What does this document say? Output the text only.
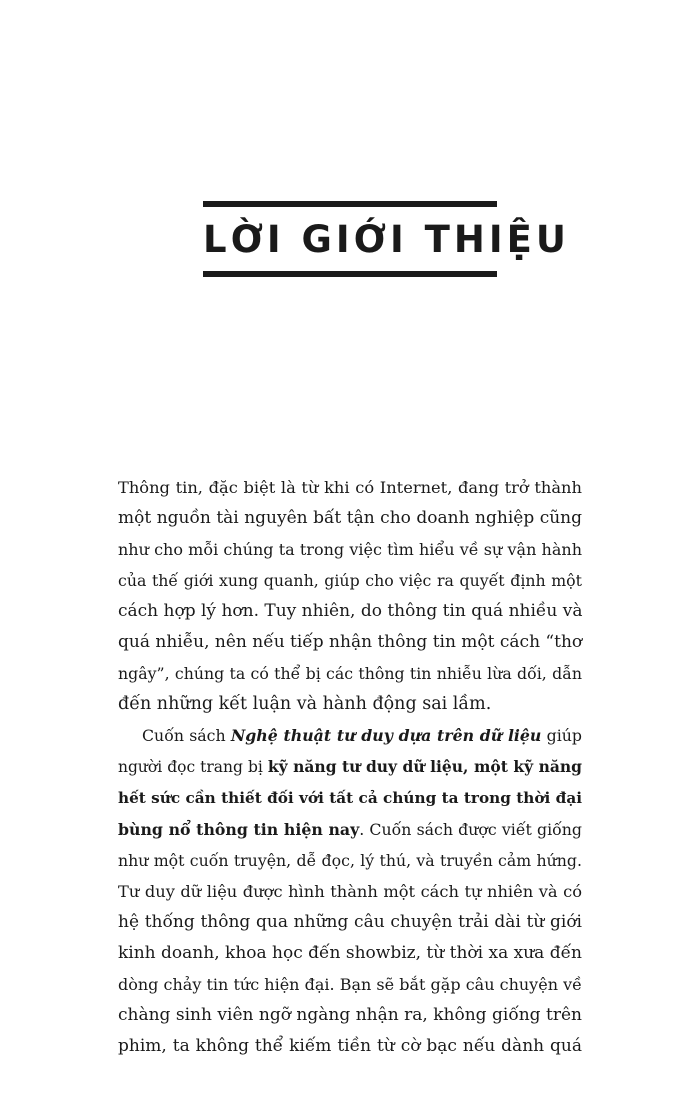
LỜI GIỚI THIỆU

Thông tin, đặc biệt là từ khi có Internet, đang trở thành
một nguồn tài nguyên bất tận cho doanh nghiệp cũng
như cho mỗi chúng ta trong việc tìm hiểu về sự vận hành
của thế giới xung quanh, giúp cho việc ra quyết định một
cách hợp lý hơn. Tuy nhiên, do thông tin quá nhiều và
quá nhiễu, nên nếu tiếp nhận thông tin một cách “thơ
ngây”, chúng ta có thể bị các thông tin nhiễu lừa dối, dẫn
đến những kết luận và hành động sai lầm.

Cuốn sách Nghệ thuật tư duy dựa trên dữ liệu giúp
người đọc trang bị kỹ năng tư duy dữ liệu, một kỹ năng
hết sức cần thiết đối với tất cả chúng ta trong thời đại
bùng nổ thông tin hiện nay. Cuốn sách được viết giống
như một cuốn truyện, dễ đọc, lý thú, và truyền cảm hứng.
Tư duy dữ liệu được hình thành một cách tự nhiên và có
hệ thống thông qua những câu chuyện trải dài từ giới
kinh doanh, khoa học đến showbiz, từ thời xa xưa đến
dòng chảy tin tức hiện đại. Bạn sẽ bắt gặp câu chuyện về
chàng sinh viên ngỡ ngàng nhận ra, không giống trên
phim, ta không thể kiếm tiền từ cờ bạc nếu dành quá
